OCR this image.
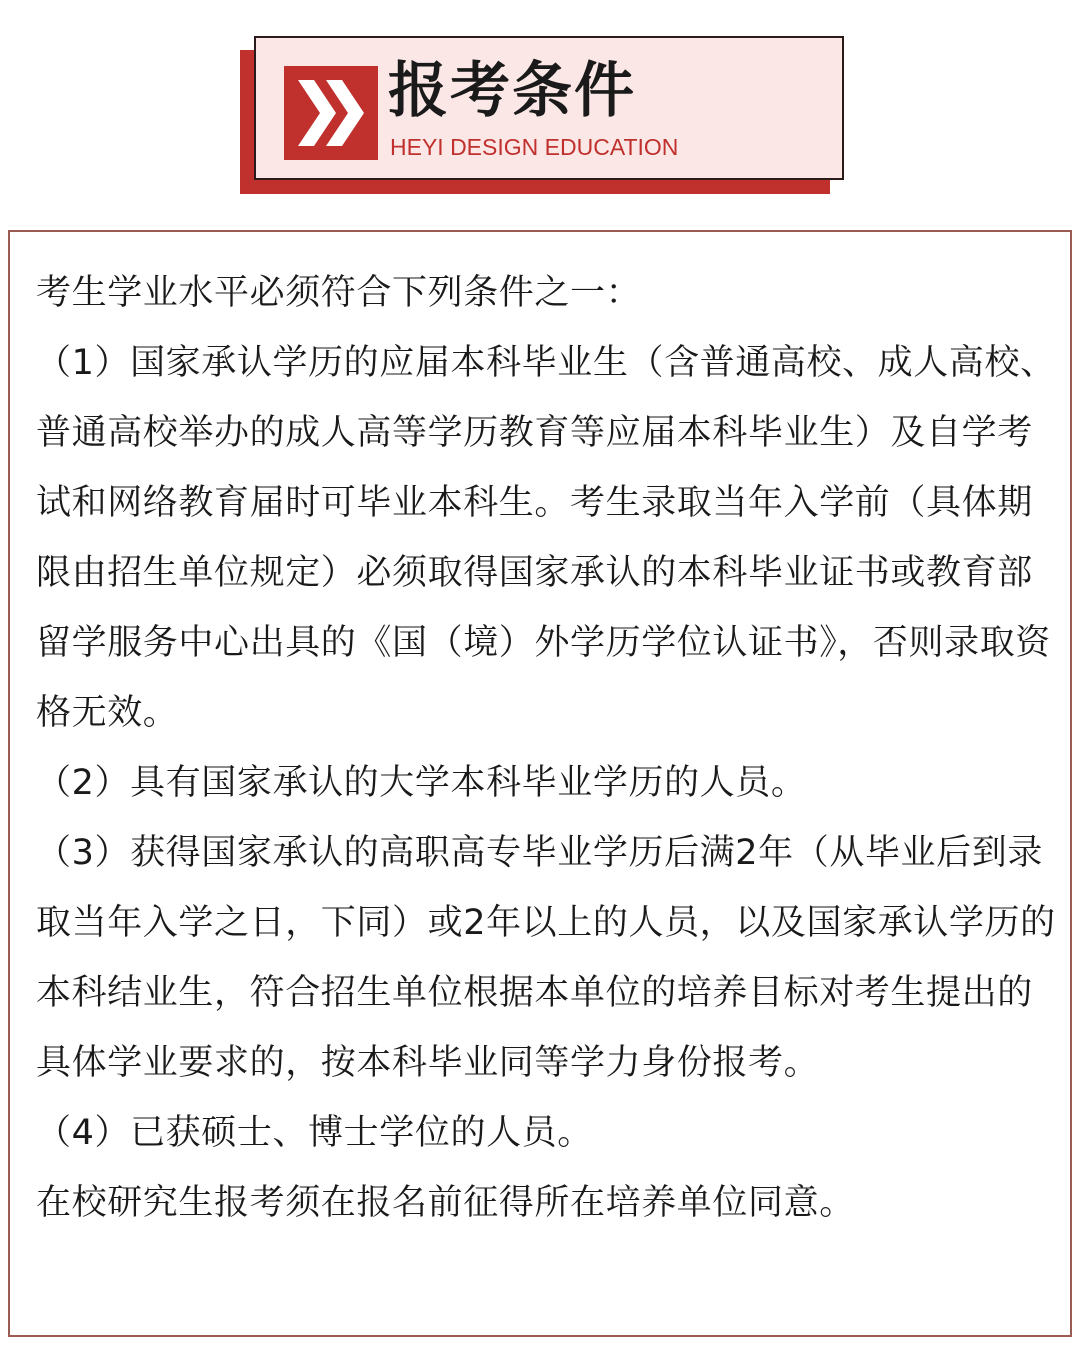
报考条件
HEYI DESIGN EDUCATION

考生学业水平必须符合下列条件之一：

（1）国家承认学历的应届本科毕业生（含普通高校、成人高校、普通高校举办的成人高等学历教育等应届本科毕业生）及自学考试和网络教育届时可毕业本科生。考生录取当年入学前（具体期限由招生单位规定）必须取得国家承认的本科毕业证书或教育部留学服务中心出具的《国（境）外学历学位认证书》，否则录取资格无效。

（2）具有国家承认的大学本科毕业学历的人员。

（3）获得国家承认的高职高专毕业学历后满2年（从毕业后到录取当年入学之日，下同）或2年以上的人员，以及国家承认学历的本科结业生，符合招生单位根据本单位的培养目标对考生提出的具体学业要求的，按本科毕业同等学力身份报考。

（4）已获硕士、博士学位的人员。

在校研究生报考须在报名前征得所在培养单位同意。
